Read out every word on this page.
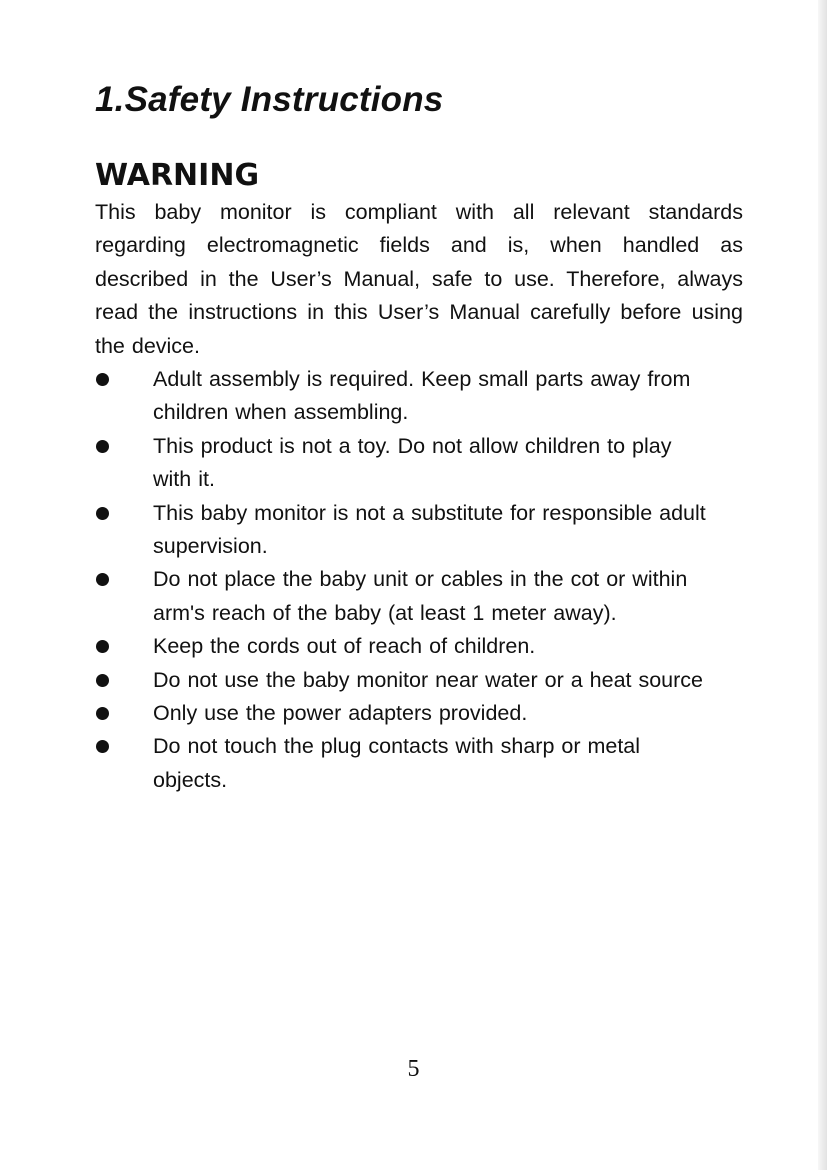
1.Safety Instructions
WARNING

This baby monitor is compliant with all relevant standards regarding electromagnetic fields and is, when handled as described in the User’s Manual, safe to use. Therefore, always read the instructions in this User’s Manual carefully before using the device.

Adult assembly is required. Keep small parts away from children when assembling.
This product is not a toy. Do not allow children to play with it.
This baby monitor is not a substitute for responsible adult supervision.
Do not place the baby unit or cables in the cot or within arm's reach of the baby (at least 1 meter away).
Keep the cords out of reach of children.
Do not use the baby monitor near water or a heat source
Only use the power adapters provided.
Do not touch the plug contacts with sharp or metal objects.

5
